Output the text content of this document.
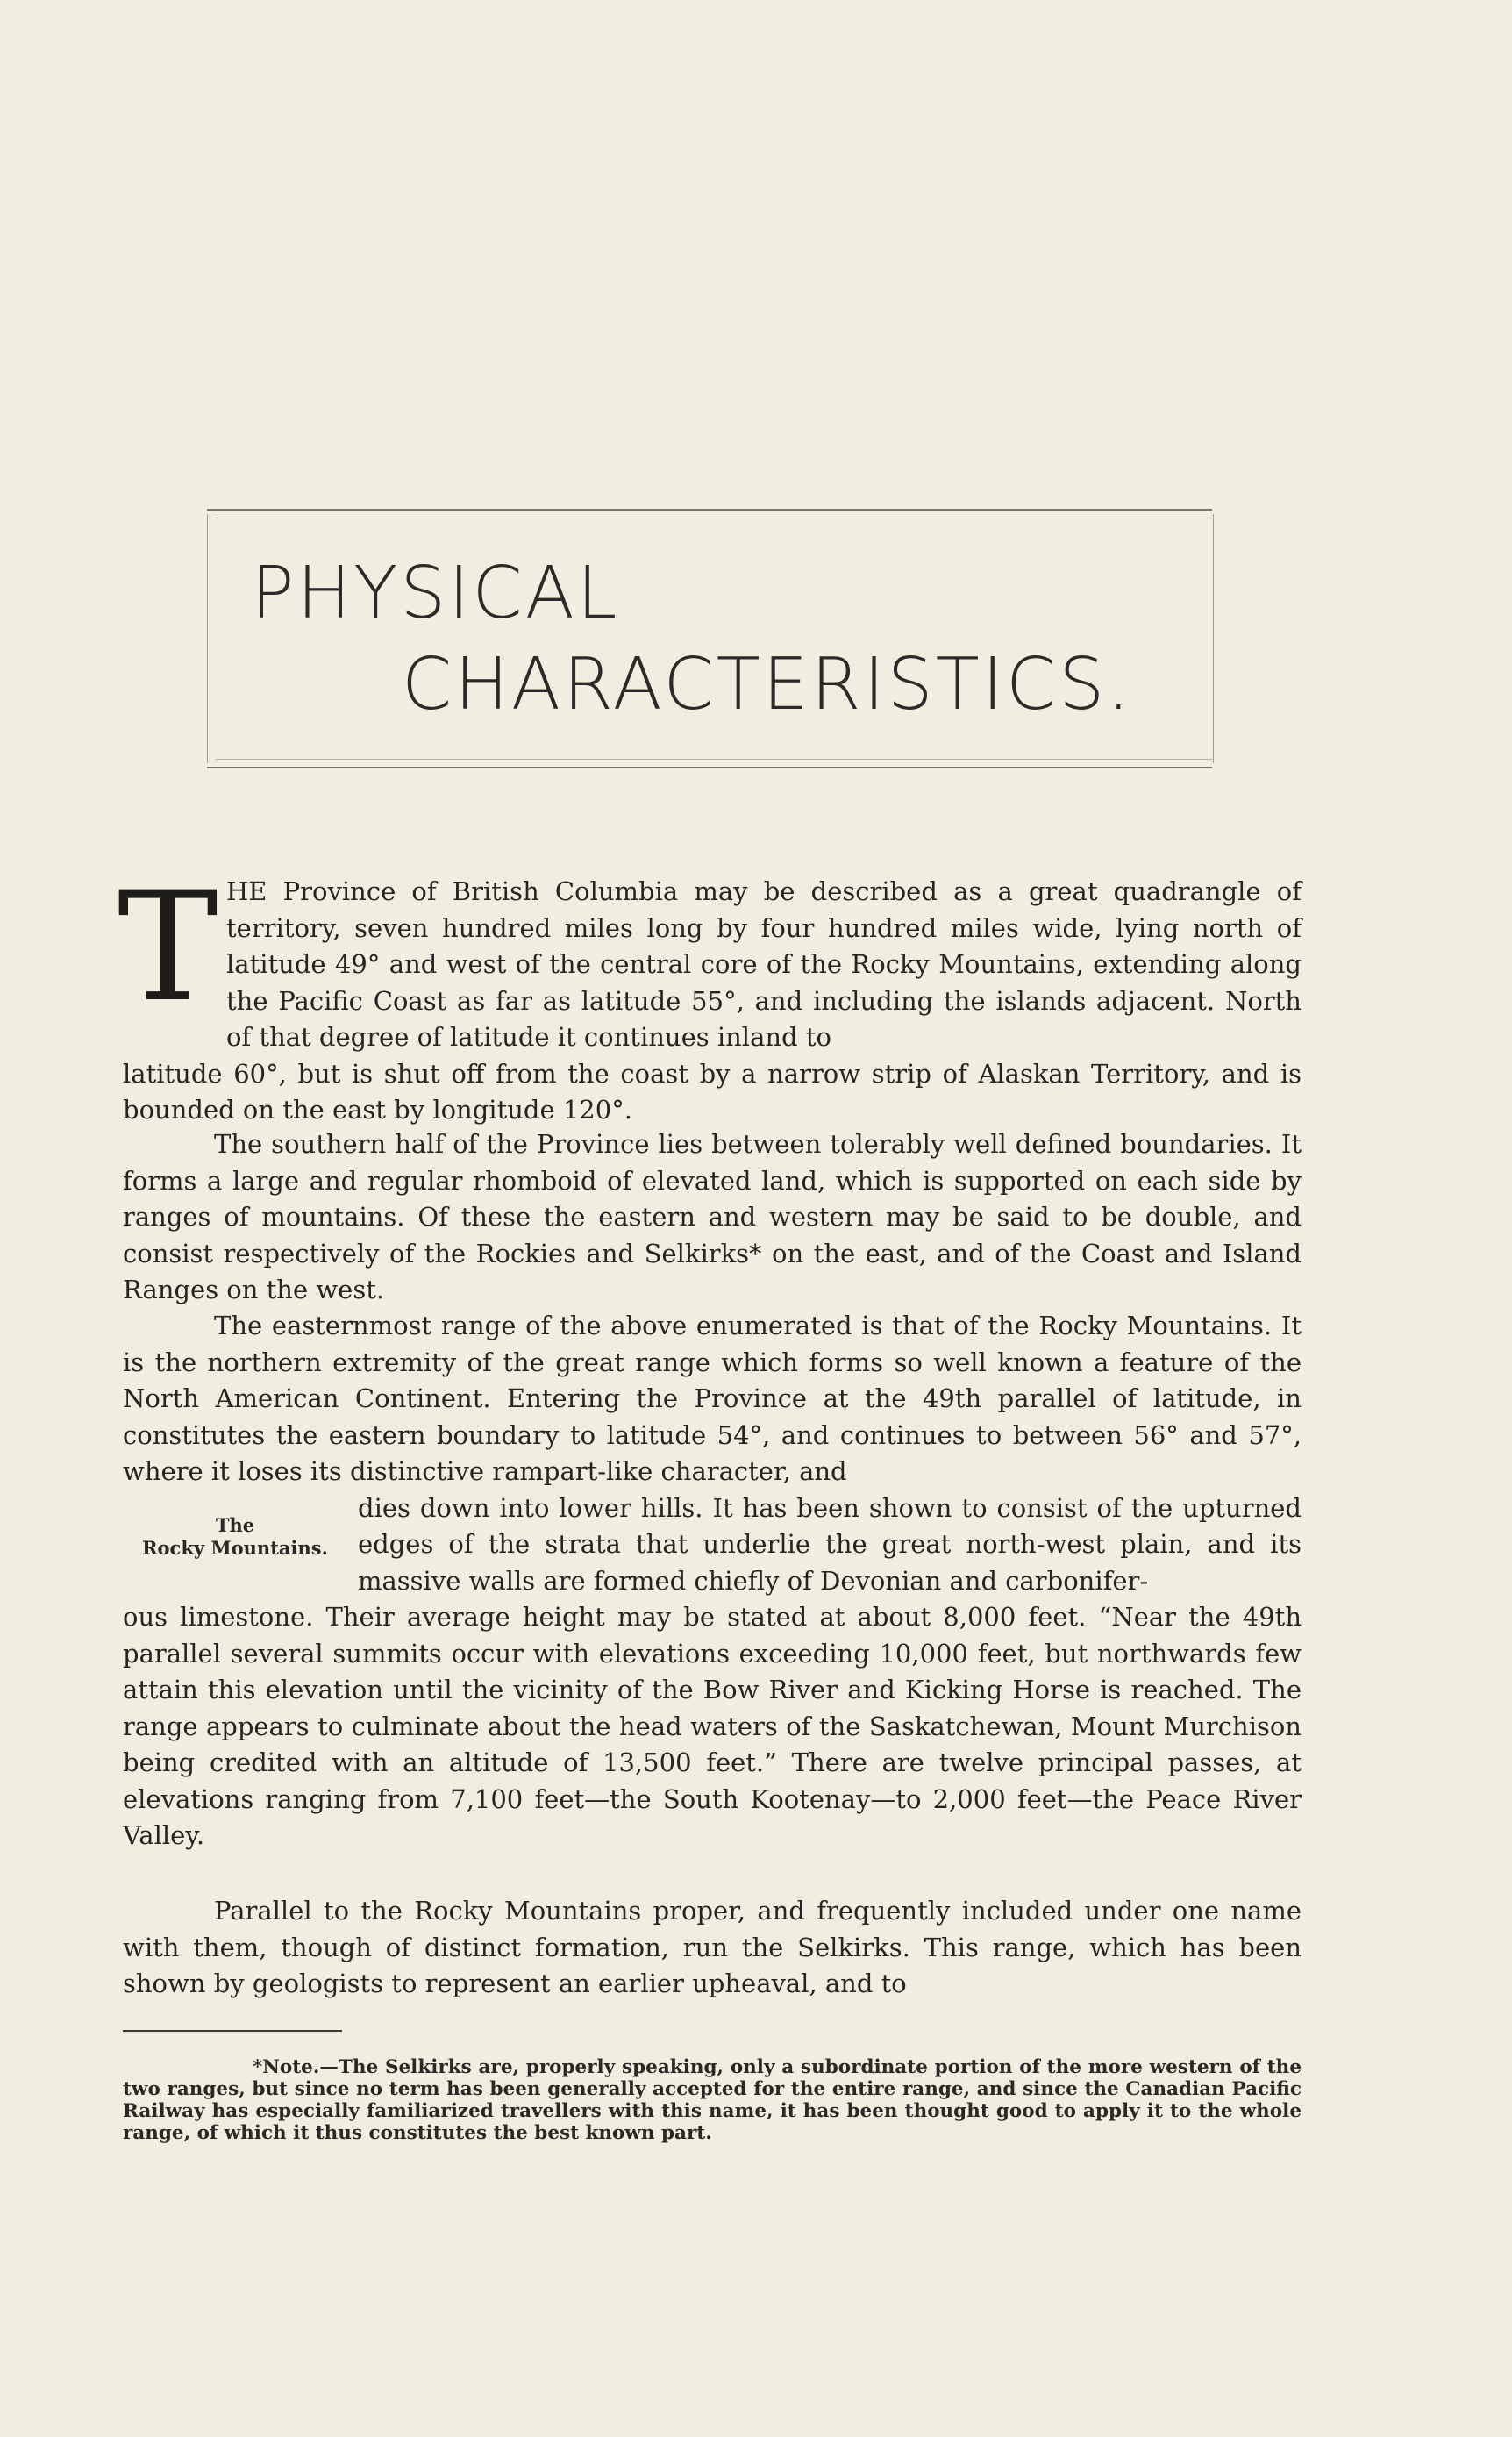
PHYSICAL
CHARACTERISTICS.
T HE Province of British Columbia may be described as a great quadrangle of territory, seven hundred miles long by four hundred miles wide, lying north of latitude 49° and west of the central core of the Rocky Mountains, extending along the Pacific Coast as far as latitude 55°, and including the islands adjacent. North of that degree of latitude it continues inland to
latitude 60°, but is shut off from the coast by a narrow strip of Alaskan Territory, and is bounded on the east by longitude 120°.
The southern half of the Province lies between tolerably well defined boundaries. It forms a large and regular rhomboid of elevated land, which is supported on each side by ranges of mountains. Of these the eastern and western may be said to be double, and consist respectively of the Rockies and Selkirks* on the east, and of the Coast and Island Ranges on the west.
The easternmost range of the above enumerated is that of the Rocky Mountains. It is the northern extremity of the great range which forms so well known a feature of the North American Continent. Entering the Province at the 49th parallel of latitude, in constitutes the eastern boundary to latitude 54°, and continues to between 56° and 57°, where it loses its distinctive rampart-like character, and
dies down into lower hills. It has been shown to consist of the upturned edges of the strata that underlie the great north-west plain, and its massive walls are formed chiefly of Devonian and carbonifer-
ous limestone. Their average height may be stated at about 8,000 feet. “Near the 49th parallel several summits occur with elevations exceeding 10,000 feet, but northwards few attain this elevation until the vicinity of the Bow River and Kicking Horse is reached. The range appears to culminate about the head waters of the Saskatchewan, Mount Murchison being credited with an altitude of 13,500 feet.” There are twelve principal passes, at elevations ranging from 7,100 feet—the South Kootenay—to 2,000 feet—the Peace River Valley.
The
Rocky Mountains.
Parallel to the Rocky Mountains proper, and frequently included under one name with them, though of distinct formation, run the Selkirks. This range, which has been shown by geologists to represent an earlier upheaval, and to
*Note.—The Selkirks are, properly speaking, only a subordinate portion of the more western of the two ranges, but since no term has been generally accepted for the entire range, and since the Canadian Pacific Railway has especially familiarized travellers with this name, it has been thought good to apply it to the whole range, of which it thus constitutes the best known part.
